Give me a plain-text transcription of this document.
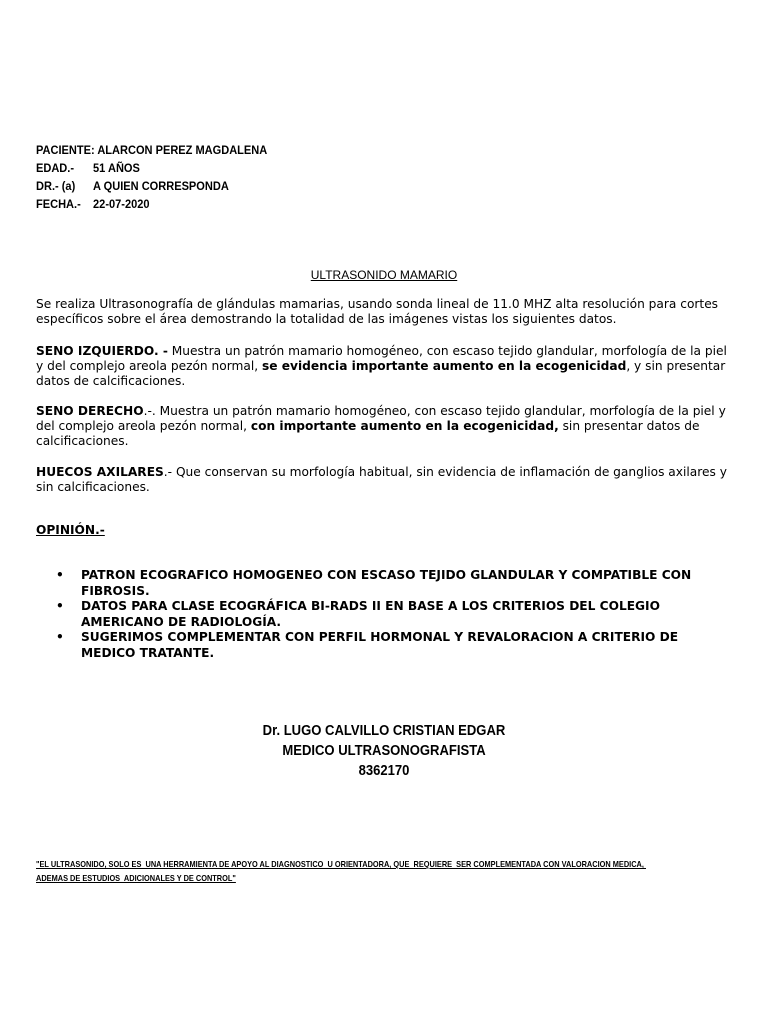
PACIENTE: ALARCON PEREZ MAGDALENA
EDAD.-	51 AÑOS
DR.- (a)	A QUIEN CORRESPONDA
FECHA.-	22-07-2020
ULTRASONIDO MAMARIO

Se realiza Ultrasonografía de glándulas mamarias, usando sonda lineal de 11.0 MHZ alta resolución para cortes específicos sobre el área demostrando la totalidad de las imágenes vistas los siguientes datos.

SENO IZQUIERDO. - Muestra un patrón mamario homogéneo, con escaso tejido glandular, morfología de la piel y del complejo areola pezón normal, se evidencia importante aumento en la ecogenicidad, y sin presentar datos de calcificaciones.

SENO DERECHO.-. Muestra un patrón mamario homogéneo, con escaso tejido glandular, morfología de la piel y del complejo areola pezón normal, con importante aumento en la ecogenicidad, sin presentar datos de calcificaciones.

HUECOS AXILARES.- Que conservan su morfología habitual, sin evidencia de inflamación de ganglios axilares y sin calcificaciones.

OPINIÓN.-
• PATRON ECOGRAFICO HOMOGENEO CON ESCASO TEJIDO GLANDULAR Y COMPATIBLE CON FIBROSIS.
• DATOS PARA CLASE ECOGRÁFICA BI-RADS II EN BASE A LOS CRITERIOS DEL COLEGIO AMERICANO DE RADIOLOGÍA.
• SUGERIMOS COMPLEMENTAR CON PERFIL HORMONAL Y REVALORACION A CRITERIO DE MEDICO TRATANTE.
Dr. LUGO CALVILLO CRISTIAN EDGAR
MEDICO ULTRASONOGRAFISTA
8362170
"EL ULTRASONIDO, SOLO ES  UNA HERRAMIENTA DE APOYO AL DIAGNOSTICO  U ORIENTADORA, QUE  REQUIERE  SER COMPLEMENTADA CON VALORACION MEDICA,
ADEMAS DE ESTUDIOS  ADICIONALES Y DE CONTROL"
